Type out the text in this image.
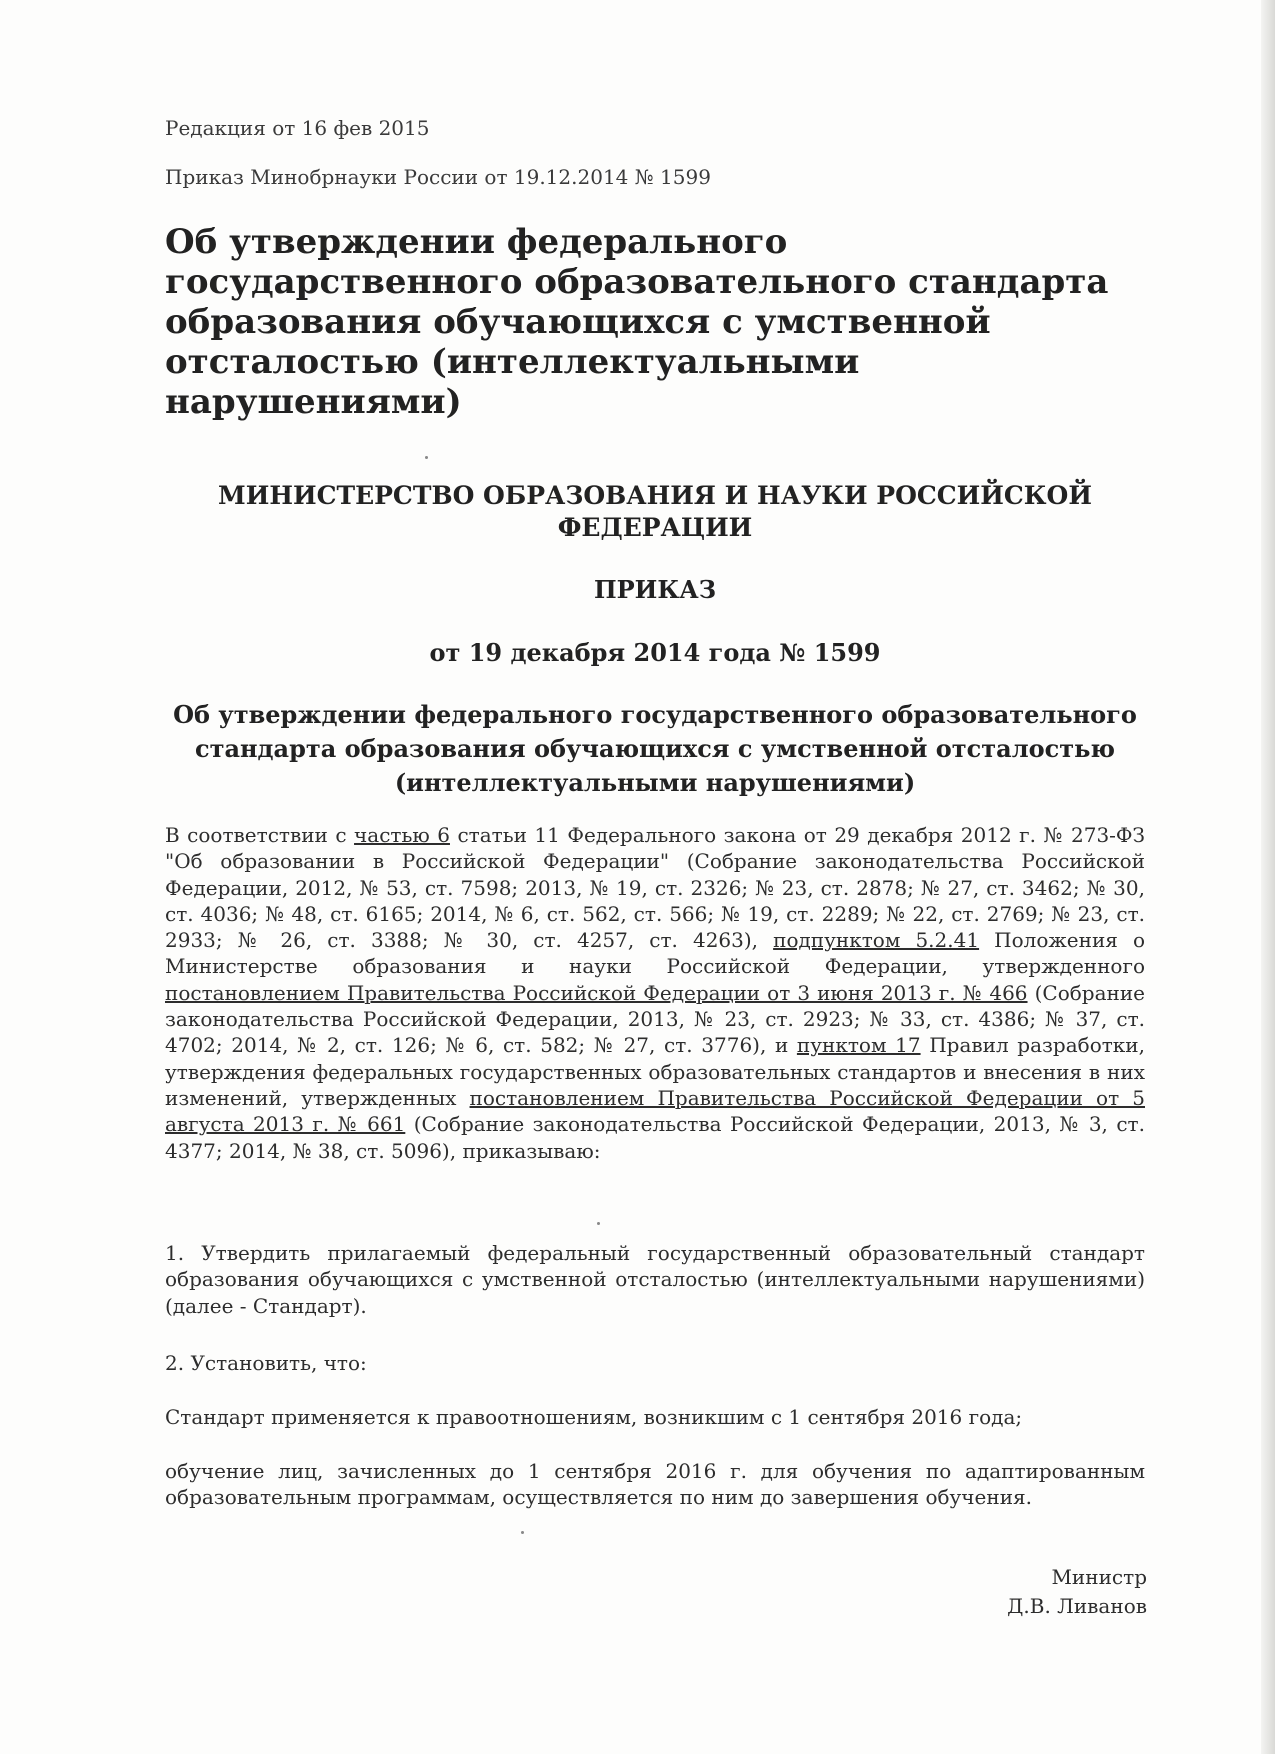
Редакция от 16 фев 2015
Приказ Минобрнауки России от 19.12.2014 № 1599
Об утверждении федерального государственного образовательного стандарта образования обучающихся с умственной отсталостью (интеллектуальными нарушениями)

МИНИСТЕРСТВО ОБРАЗОВАНИЯ И НАУКИ РОССИЙСКОЙ ФЕДЕРАЦИИ

ПРИКАЗ

от 19 декабря 2014 года № 1599

Об утверждении федерального государственного образовательного стандарта образования обучающихся с умственной отсталостью (интеллектуальными нарушениями)

В соответствии с частью 6 статьи 11 Федерального закона от 29 декабря 2012 г. № 273-ФЗ "Об образовании в Российской Федерации" (Собрание законодательства Российской Федерации, 2012, № 53, ст. 7598; 2013, № 19, ст. 2326; № 23, ст. 2878; № 27, ст. 3462; № 30, ст. 4036; № 48, ст. 6165; 2014, № 6, ст. 562, ст. 566; № 19, ст. 2289; № 22, ст. 2769; № 23, ст. 2933; № 26, ст. 3388; № 30, ст. 4257, ст. 4263), подпунктом 5.2.41 Положения о Министерстве образования и науки Российской Федерации, утвержденного постановлением Правительства Российской Федерации от 3 июня 2013 г. № 466 (Собрание законодательства Российской Федерации, 2013, № 23, ст. 2923; № 33, ст. 4386; № 37, ст. 4702; 2014, № 2, ст. 126; № 6, ст. 582; № 27, ст. 3776), и пунктом 17 Правил разработки, утверждения федеральных государственных образовательных стандартов и внесения в них изменений, утвержденных постановлением Правительства Российской Федерации от 5 августа 2013 г. № 661 (Собрание законодательства Российской Федерации, 2013, № 3, ст. 4377; 2014, № 38, ст. 5096), приказываю:

1. Утвердить прилагаемый федеральный государственный образовательный стандарт образования обучающихся с умственной отсталостью (интеллектуальными нарушениями) (далее - Стандарт).

2. Установить, что:

Стандарт применяется к правоотношениям, возникшим с 1 сентября 2016 года;

обучение лиц, зачисленных до 1 сентября 2016 г. для обучения по адаптированным образовательным программам, осуществляется по ним до завершения обучения.

Министр
Д.В. Ливанов
